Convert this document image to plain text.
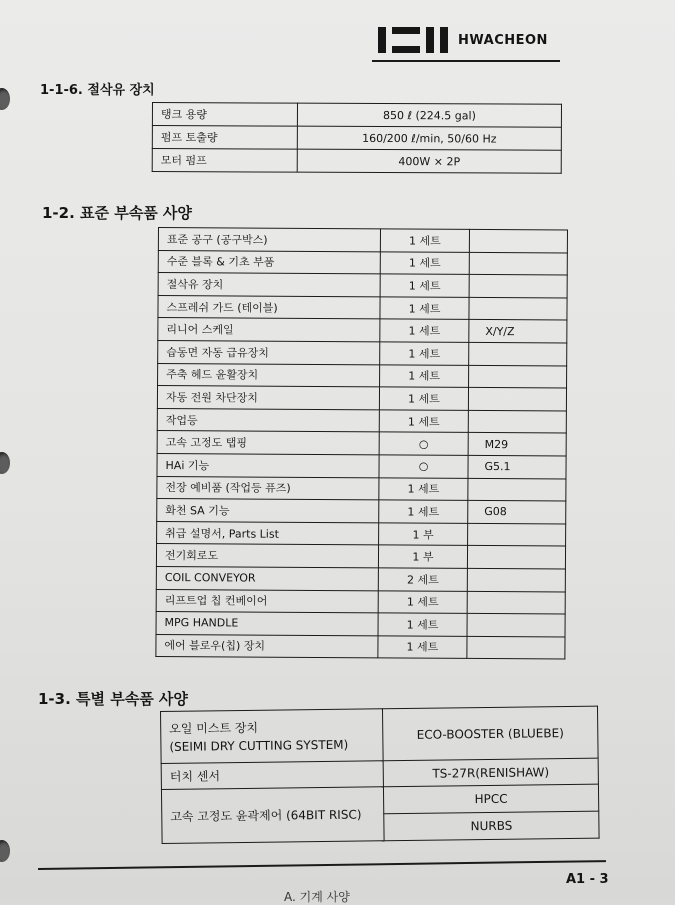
HWACHEON
1-1-6. 절삭유 장치
탱크 용량	850 ℓ (224.5 gal)
펌프 토출량	160/200 ℓ/min, 50/60 Hz
모터 펌프	400W × 2P
1-2. 표준 부속품 사양
표준 공구 (공구박스)	1 세트	
수준 블록 & 기초 부품	1 세트	
절삭유 장치	1 세트	
스프레쉬 가드 (테이블)	1 세트	
리니어 스케일	1 세트	X/Y/Z
습동면 자동 급유장치	1 세트	
주축 헤드 윤활장치	1 세트	
자동 전원 차단장치	1 세트	
작업등	1 세트	
고속 고정도 탭핑	○	M29
HAi 기능	○	G5.1
전장 예비품 (작업등 퓨즈)	1 세트	
화천 SA 기능	1 세트	G08
취급 설명서, Parts List	1 부	
전기회로도	1 부	
COIL CONVEYOR	2 세트	
리프트업 칩 컨베이어	1 세트	
MPG HANDLE	1 세트	
에어 블로우(칩) 장치	1 세트	
1-3. 특별 부속품 사양
오일 미스트 장치
(SEIMI DRY CUTTING SYSTEM)	ECO-BOOSTER (BLUEBE)
터치 센서	TS-27R(RENISHAW)
고속 고정도 윤곽제어 (64BIT RISC)	HPCC
	NURBS
A1 - 3
A. 기계 사양
